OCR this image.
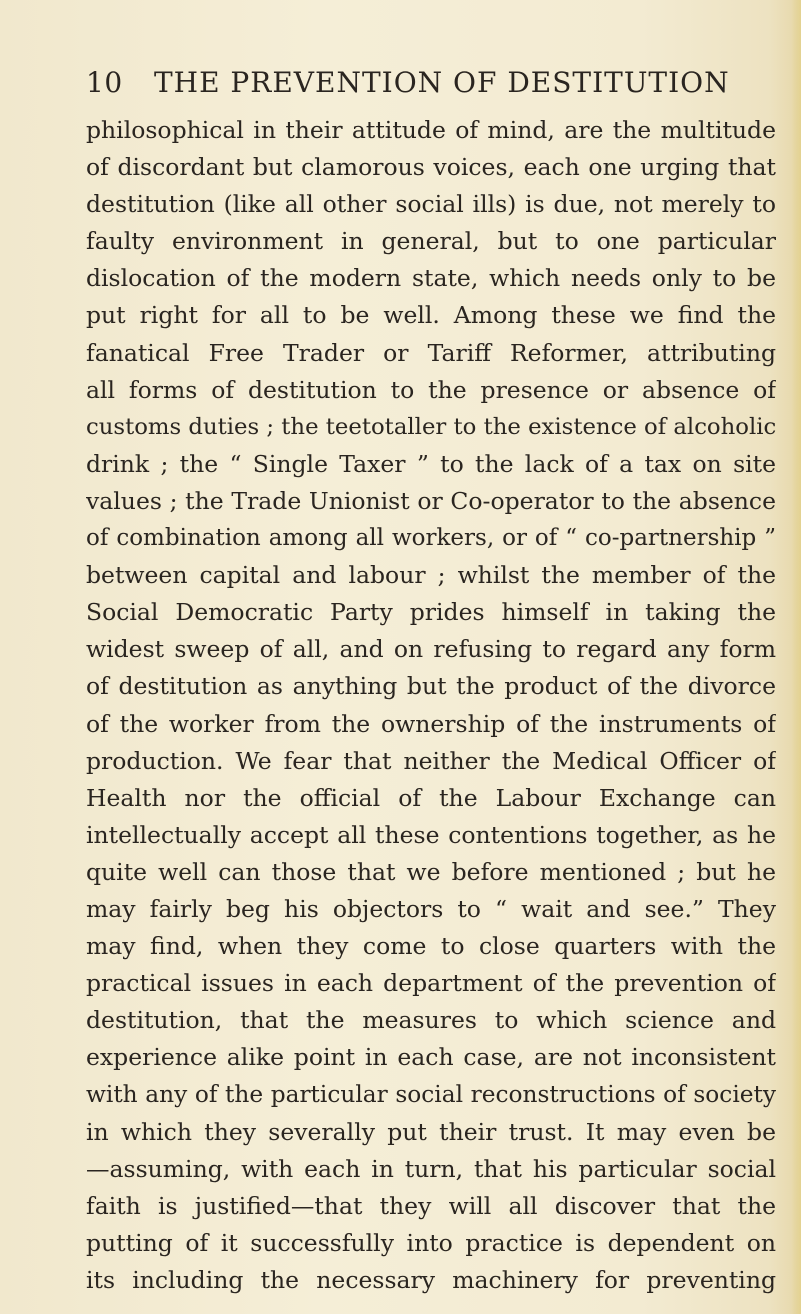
10 THE PREVENTION OF DESTITUTION
philosophical in their attitude of mind, are the multitude
of discordant but clamorous voices, each one urging that
destitution (like all other social ills) is due, not merely to
faulty environment in general, but to one particular
dislocation of the modern state, which needs only to be
put right for all to be well. Among these we find the
fanatical Free Trader or Tariff Reformer, attributing
all forms of destitution to the presence or absence of
customs duties ; the teetotaller to the existence of alcoholic
drink ; the “ Single Taxer ” to the lack of a tax on site
values ; the Trade Unionist or Co-operator to the absence
of combination among all workers, or of “ co-partnership ”
between capital and labour ; whilst the member of the
Social Democratic Party prides himself in taking the
widest sweep of all, and on refusing to regard any form
of destitution as anything but the product of the divorce
of the worker from the ownership of the instruments of
production. We fear that neither the Medical Officer of
Health nor the official of the Labour Exchange can
intellectually accept all these contentions together, as he
quite well can those that we before mentioned ; but he
may fairly beg his objectors to “ wait and see.” They
may find, when they come to close quarters with the
practical issues in each department of the prevention of
destitution, that the measures to which science and
experience alike point in each case, are not inconsistent
with any of the particular social reconstructions of society
in which they severally put their trust. It may even be
—assuming, with each in turn, that his particular social
faith is justified—that they will all discover that the
putting of it successfully into practice is dependent on
its including the necessary machinery for preventing
